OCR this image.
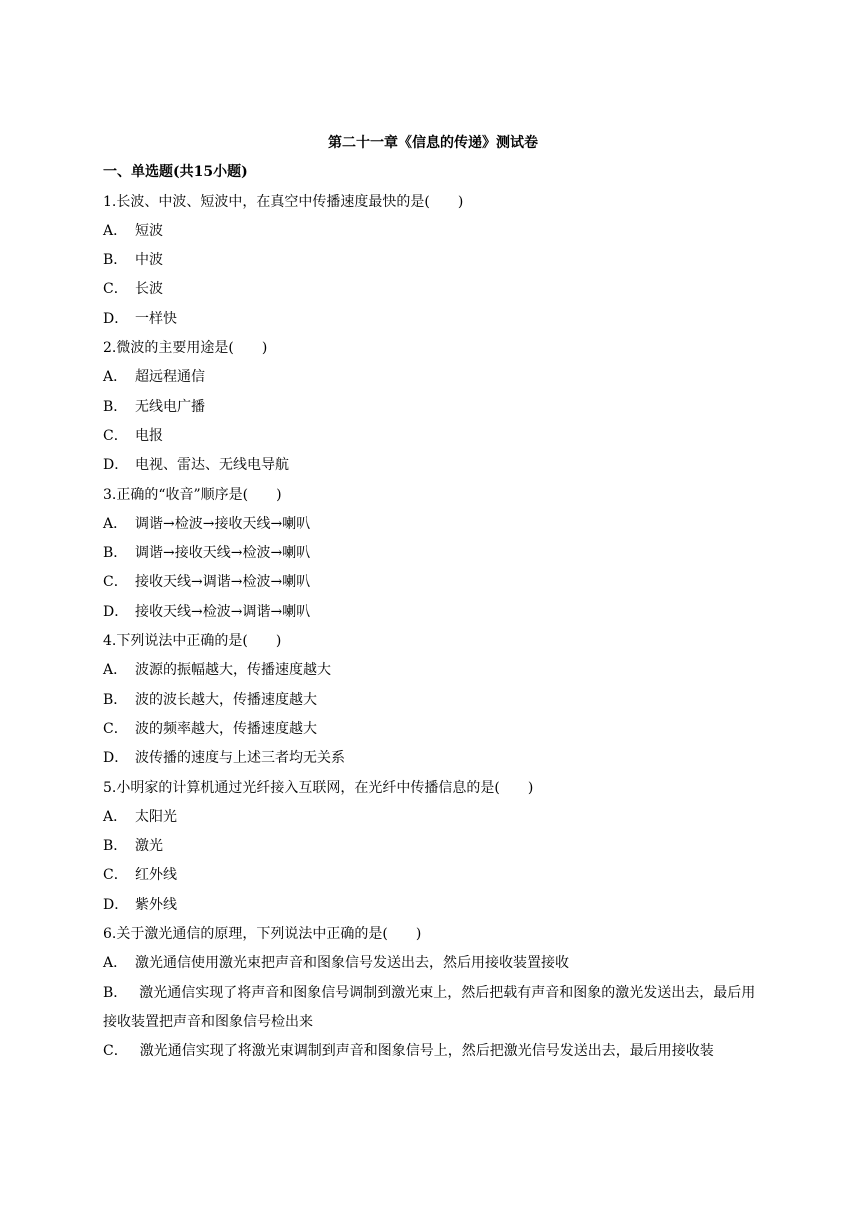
第二十一章《信息的传递》测试卷
一、单选题(共15小题)
1.长波、中波、短波中，在真空中传播速度最快的是(　　)
A． 短波
B． 中波
C． 长波
D． 一样快
2.微波的主要用途是(　　)
A． 超远程通信
B． 无线电广播
C． 电报
D． 电视、雷达、无线电导航
3.正确的“收音”顺序是(　　)
A． 调谐→检波→接收天线→喇叭
B． 调谐→接收天线→检波→喇叭
C． 接收天线→调谐→检波→喇叭
D． 接收天线→检波→调谐→喇叭
4.下列说法中正确的是(　　)
A． 波源的振幅越大，传播速度越大
B． 波的波长越大，传播速度越大
C． 波的频率越大，传播速度越大
D． 波传播的速度与上述三者均无关系
5.小明家的计算机通过光纤接入互联网，在光纤中传播信息的是(　　)
A． 太阳光
B． 激光
C． 红外线
D． 紫外线
6.关于激光通信的原理，下列说法中正确的是(　　)
A． 激光通信使用激光束把声音和图象信号发送出去，然后用接收装置接收
B． 激光通信实现了将声音和图象信号调制到激光束上，然后把载有声音和图象的激光发送出去，最后用接收装置把声音和图象信号检出来
C． 激光通信实现了将激光束调制到声音和图象信号上，然后把激光信号发送出去，最后用接收装
